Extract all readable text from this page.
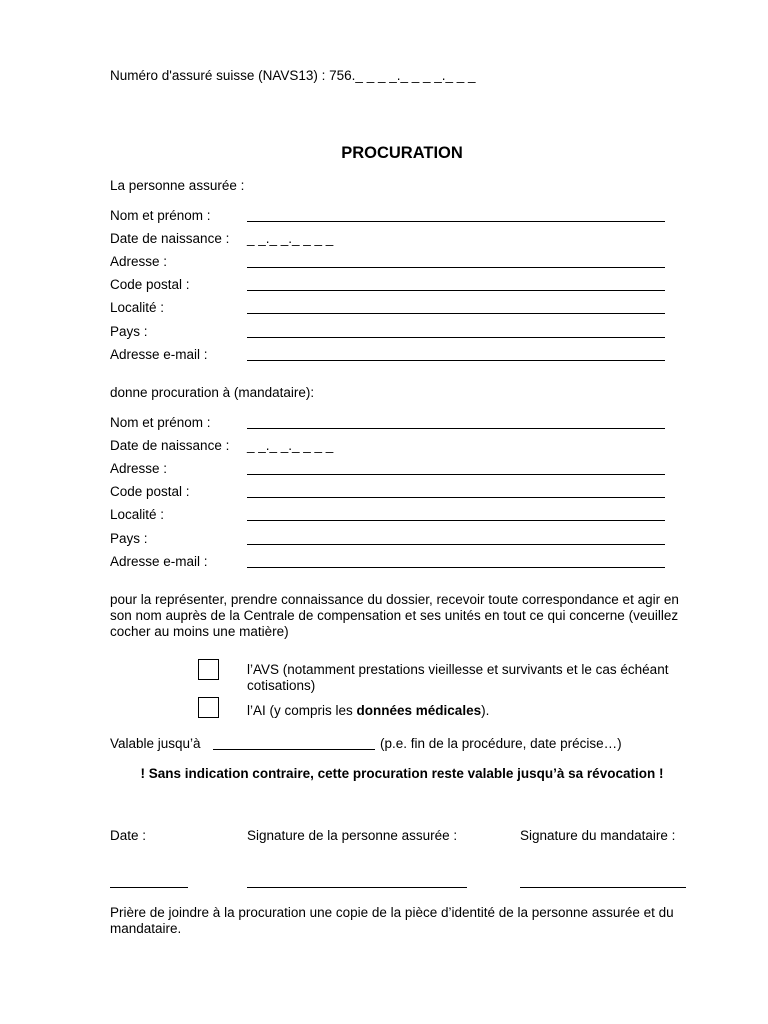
Numéro d'assuré suisse (NAVS13) : 756._ _ _ _._ _ _ _._ _ _
PROCURATION
La personne assurée :
Nom et prénom :
Date de naissance : _ _._ _._ _ _ _
Adresse :
Code postal :
Localité :
Pays :
Adresse e-mail :
donne procuration à (mandataire):
Nom et prénom :
Date de naissance : _ _._ _._ _ _ _
Adresse :
Code postal :
Localité :
Pays :
Adresse e-mail :
pour la représenter, prendre connaissance du dossier, recevoir toute correspondance et agir en son nom auprès de la Centrale de compensation et ses unités en tout ce qui concerne (veuillez cocher au moins une matière)
l’AVS (notamment prestations vieillesse et survivants et le cas échéant cotisations)
l’AI (y compris les données médicales).
Valable jusqu’à	(p.e. fin de la procédure, date précise…)
! Sans indication contraire, cette procuration reste valable jusqu’à sa révocation !
Date :	Signature de la personne assurée :	Signature du mandataire :
Prière de joindre à la procuration une copie de la pièce d’identité de la personne assurée et du mandataire.
